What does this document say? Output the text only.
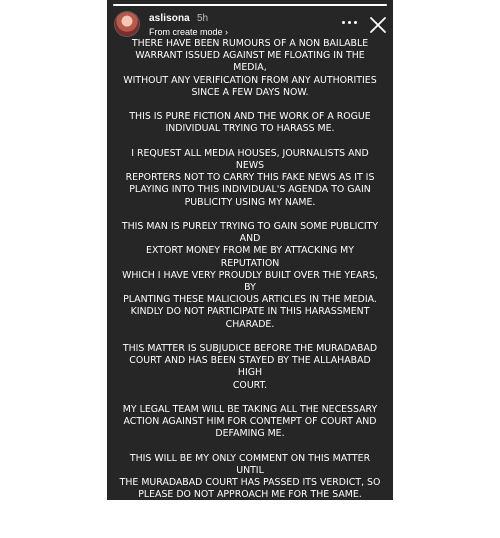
aslisona 5h
From create mode ›

THERE HAVE BEEN RUMOURS OF A NON BAILABLE
WARRANT ISSUED AGAINST ME FLOATING IN THE MEDIA,
WITHOUT ANY VERIFICATION FROM ANY AUTHORITIES
SINCE A FEW DAYS NOW.

THIS IS PURE FICTION AND THE WORK OF A ROGUE
INDIVIDUAL TRYING TO HARASS ME.

I REQUEST ALL MEDIA HOUSES, JOURNALISTS AND NEWS
REPORTERS NOT TO CARRY THIS FAKE NEWS AS IT IS
PLAYING INTO THIS INDIVIDUAL'S AGENDA TO GAIN
PUBLICITY USING MY NAME.

THIS MAN IS PURELY TRYING TO GAIN SOME PUBLICITY AND
EXTORT MONEY FROM ME BY ATTACKING MY REPUTATION
WHICH I HAVE VERY PROUDLY BUILT OVER THE YEARS, BY
PLANTING THESE MALICIOUS ARTICLES IN THE MEDIA.
KINDLY DO NOT PARTICIPATE IN THIS HARASSMENT
CHARADE.

THIS MATTER IS SUBJUDICE BEFORE THE MURADABAD
COURT AND HAS BEEN STAYED BY THE ALLAHABAD HIGH
COURT.

MY LEGAL TEAM WILL BE TAKING ALL THE NECESSARY
ACTION AGAINST HIM FOR CONTEMPT OF COURT AND
DEFAMING ME.

THIS WILL BE MY ONLY COMMENT ON THIS MATTER UNTIL
THE MURADABAD COURT HAS PASSED ITS VERDICT, SO
PLEASE DO NOT APPROACH ME FOR THE SAME.

I AM HOME AND I CAN ASSURE YOU THERE ARE NO
WARRANTS ISSUED AGAINST ME.
